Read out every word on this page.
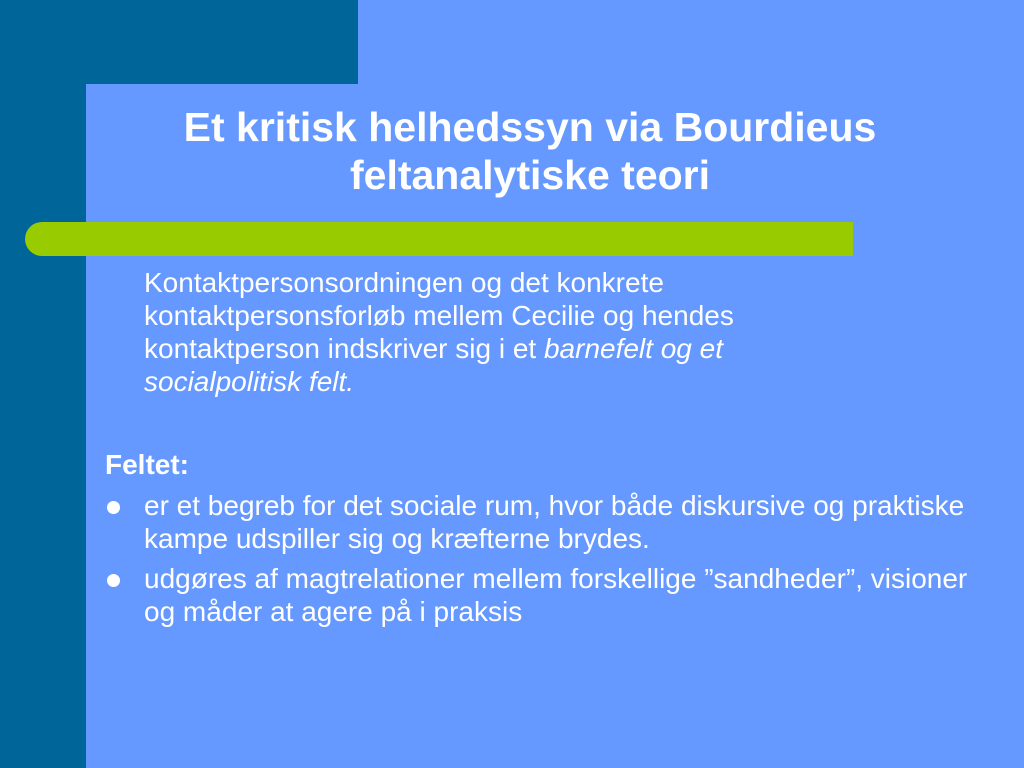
Et kritisk helhedssyn via Bourdieus
feltanalytiske teori

Kontaktpersonsordningen og det konkrete kontaktpersonsforløb mellem Cecilie og hendes kontaktperson indskriver sig i et barnefelt og et socialpolitisk felt.

Feltet:

er et begreb for det sociale rum, hvor både diskursive og praktiske kampe udspiller sig og kræfterne brydes.
udgøres af magtrelationer mellem forskellige ”sandheder”, visioner og måder at agere på i praksis
